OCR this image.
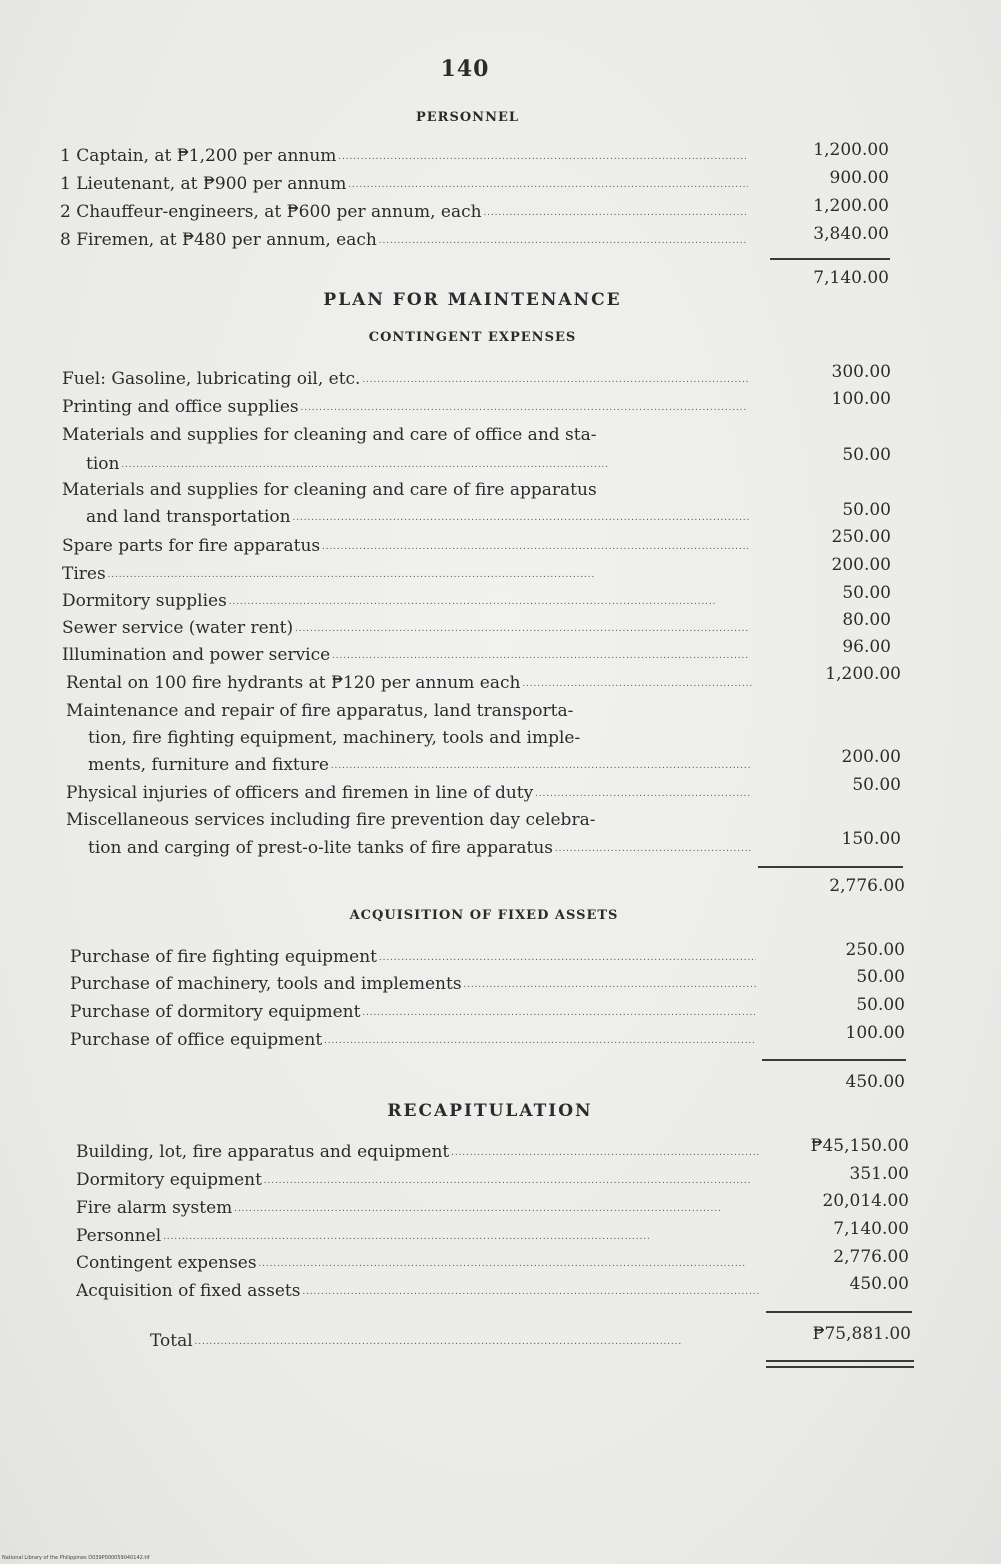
140
PERSONNEL
1 Captain, at ₱1,200 per annum . . .	1,200.00
1 Lieutenant, at ₱900 per annum . . .	900.00
2 Chauffeur-engineers, at ₱600 per annum, each . . .	1,200.00
8 Firemen, at ₱480 per annum, each . . .	3,840.00
7,140.00
PLAN FOR MAINTENANCE
CONTINGENT EXPENSES
Fuel: Gasoline, lubricating oil, etc. . . .	300.00
Printing and office supplies . . .	100.00
Materials and supplies for cleaning and care of office and sta-
tion . . .	50.00
Materials and supplies for cleaning and care of fire apparatus
and land transportation . . .	50.00
Spare parts for fire apparatus . . .	250.00
Tires . . .	200.00
Dormitory supplies . . .	50.00
Sewer service (water rent) . . .	80.00
Illumination and power service . . .	96.00
Rental on 100 fire hydrants at ₱120 per annum each . . .	1,200.00
Maintenance and repair of fire apparatus, land transporta-
tion, fire fighting equipment, machinery, tools and imple-
ments, furniture and fixture . . .	200.00
Physical injuries of officers and firemen in line of duty . . .	50.00
Miscellaneous services including fire prevention day celebra-
tion and carging of prest-o-lite tanks of fire apparatus . . .	150.00
2,776.00
ACQUISITION OF FIXED ASSETS
Purchase of fire fighting equipment . . .	250.00
Purchase of machinery, tools and implements . . .	50.00
Purchase of dormitory equipment . . .	50.00
Purchase of office equipment . . .	100.00
450.00
RECAPITULATION
Building, lot, fire apparatus and equipment . . .	₱45,150.00
Dormitory equipment . . .	351.00
Fire alarm system . . .	20,014.00
Personnel . . .	7,140.00
Contingent expenses . . .	2,776.00
Acquisition of fixed assets . . .	450.00
Total . . .	₱75,881.00
National Library of the Philippines D039P000059040142.tif
